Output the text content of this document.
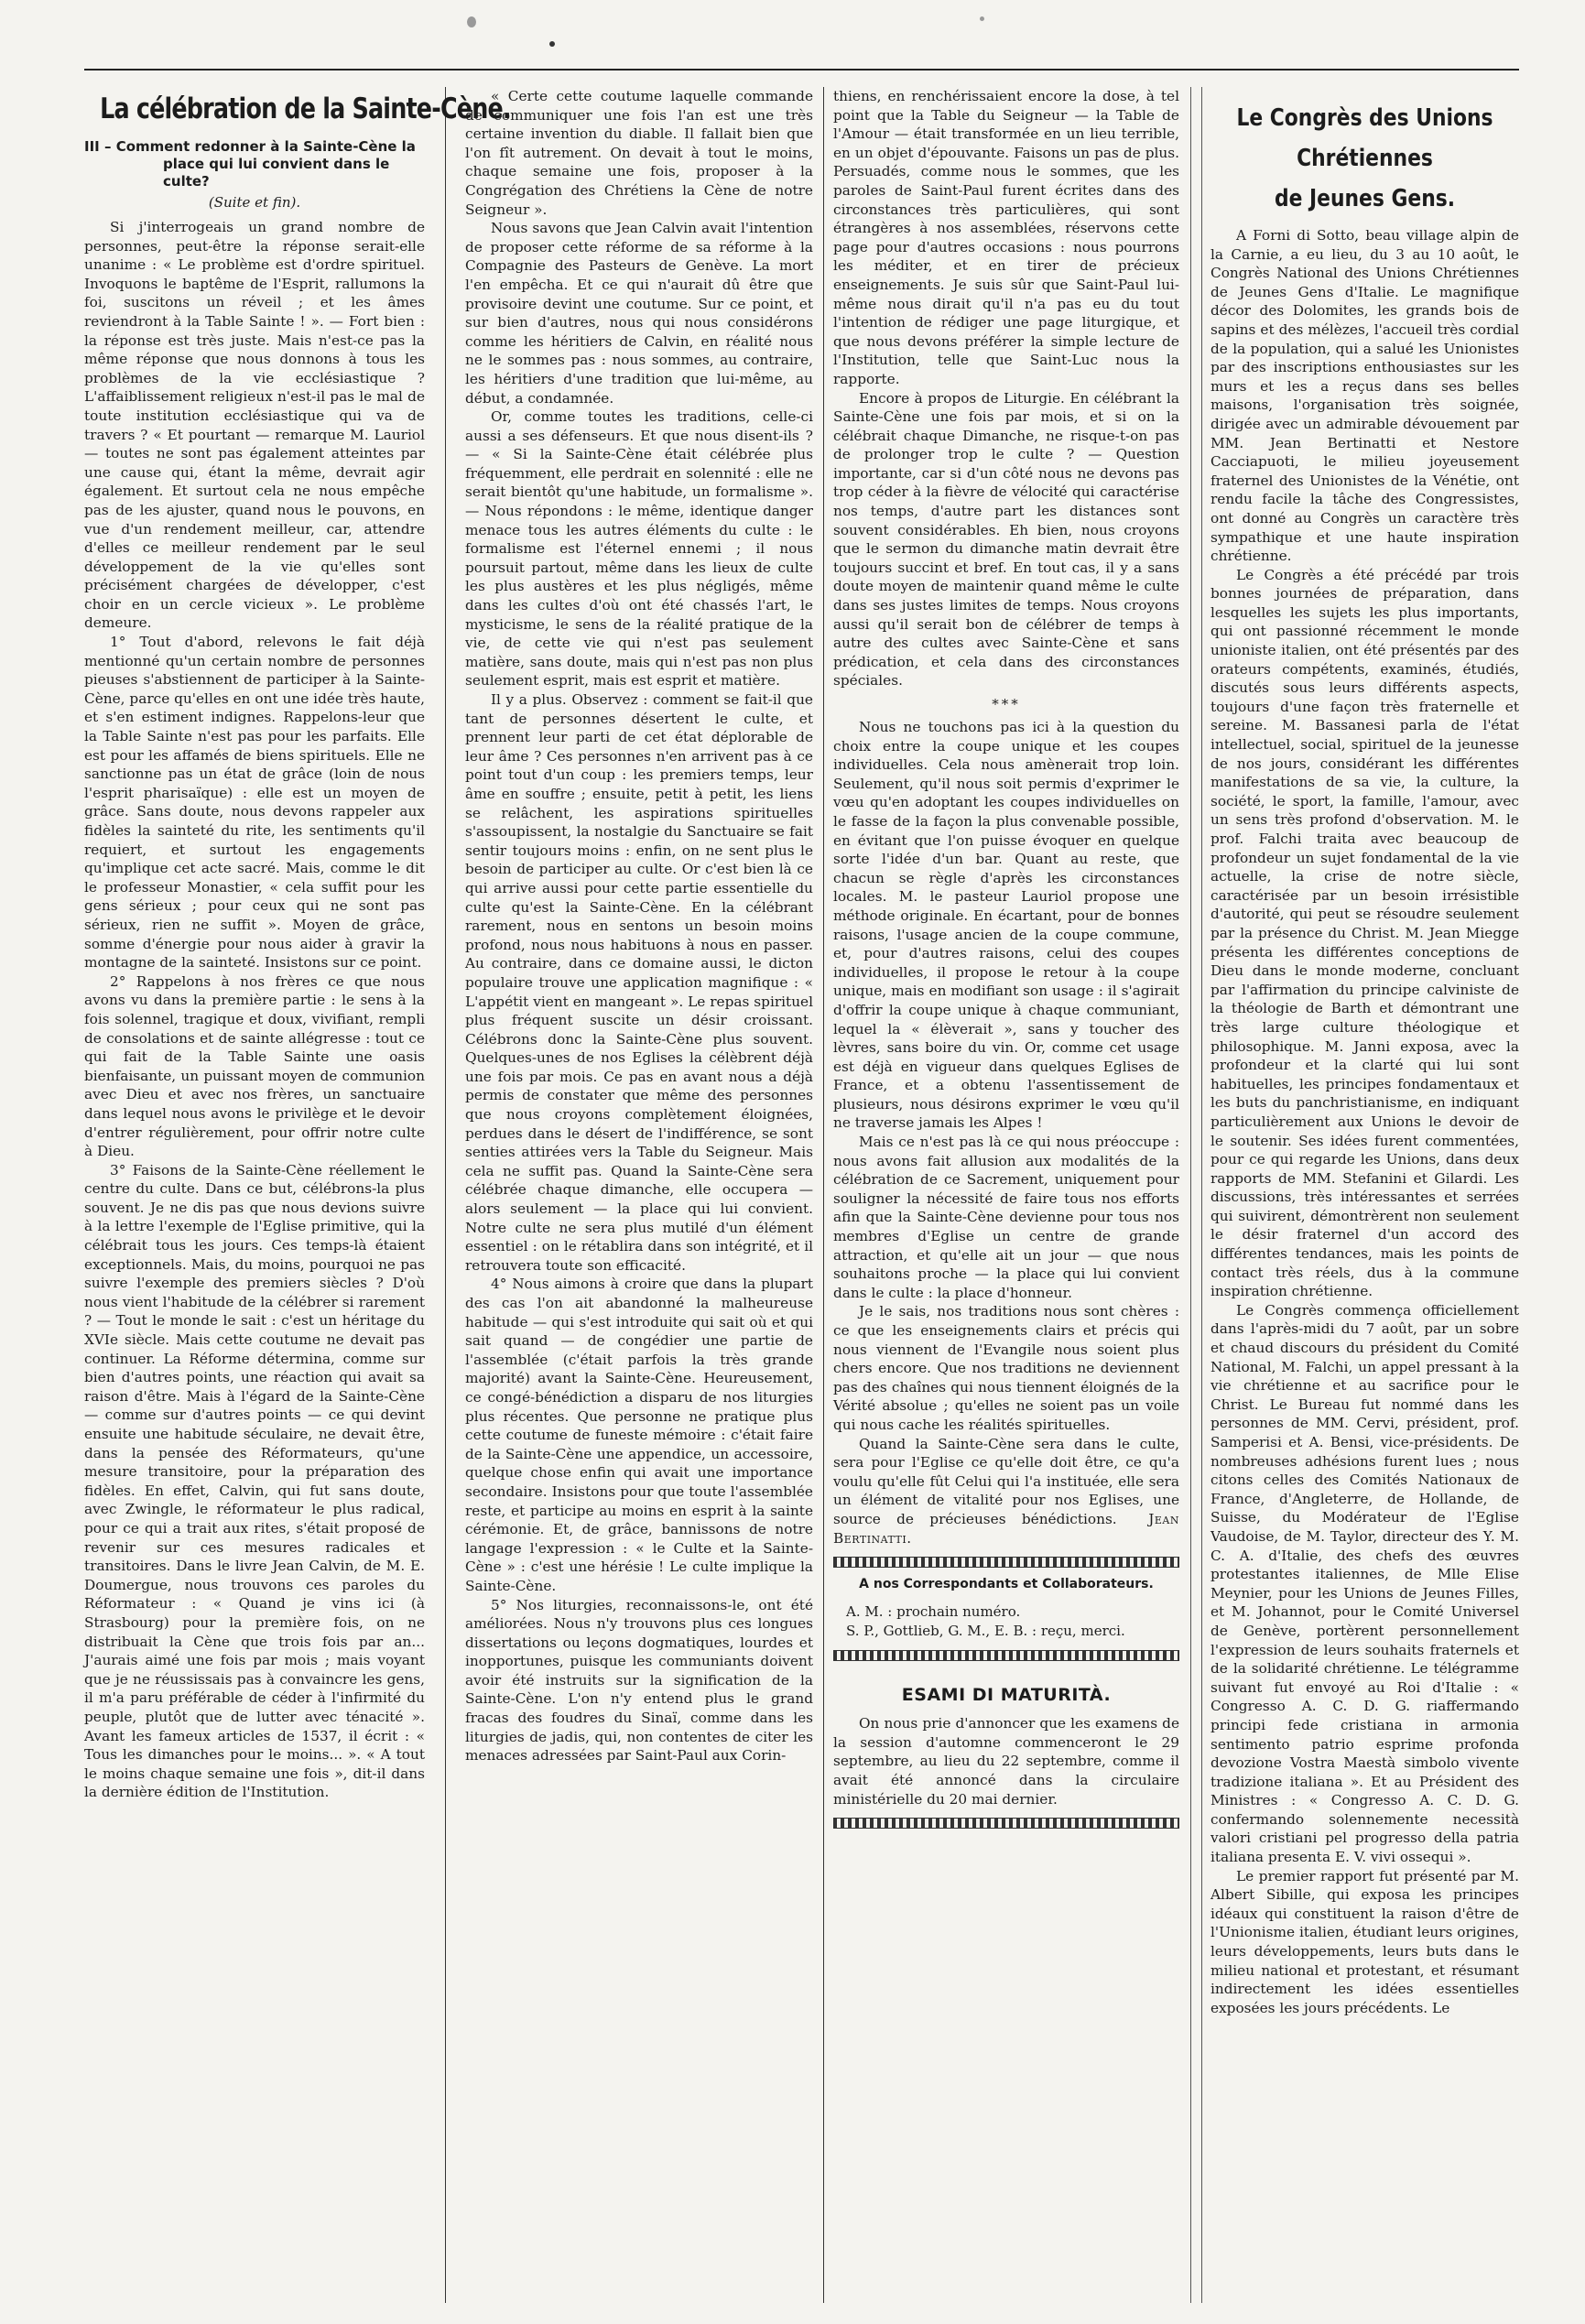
La célébration de la Sainte-Cène.
III – Comment redonner à la Sainte-Cène la place qui lui convient dans le culte?
(Suite et fin).

Si j'interrogeais un grand nombre de personnes, peut-être la réponse serait-elle unanime : « Le problème est d'ordre spirituel. Invoquons le baptême de l'Esprit, rallumons la foi, suscitons un réveil ; et les âmes reviendront à la Table Sainte ! ». — Fort bien : la réponse est très juste. Mais n'est-ce pas la même réponse que nous donnons à tous les problèmes de la vie ecclésiastique ? L'affaiblissement religieux n'est-il pas le mal de toute institution ecclésiastique qui va de travers ? « Et pourtant — remarque M. Lauriol — toutes ne sont pas également atteintes par une cause qui, étant la même, devrait agir également. Et surtout cela ne nous empêche pas de les ajuster, quand nous le pouvons, en vue d'un rendement meilleur, car, attendre d'elles ce meilleur rendement par le seul développement de la vie qu'elles sont précisément chargées de développer, c'est choir en un cercle vicieux ». Le problème demeure.

1° Tout d'abord, relevons le fait déjà mentionné qu'un certain nombre de personnes pieuses s'abstiennent de participer à la Sainte-Cène, parce qu'elles en ont une idée très haute, et s'en estiment indignes. Rappelons-leur que la Table Sainte n'est pas pour les parfaits. Elle est pour les affamés de biens spirituels. Elle ne sanctionne pas un état de grâce (loin de nous l'esprit pharisaïque) : elle est un moyen de grâce. Sans doute, nous devons rappeler aux fidèles la sainteté du rite, les sentiments qu'il requiert, et surtout les engagements qu'implique cet acte sacré. Mais, comme le dit le professeur Monastier, « cela suffit pour les gens sérieux ; pour ceux qui ne sont pas sérieux, rien ne suffit ». Moyen de grâce, somme d'énergie pour nous aider à gravir la montagne de la sainteté. Insistons sur ce point.

2° Rappelons à nos frères ce que nous avons vu dans la première partie : le sens à la fois solennel, tragique et doux, vivifiant, rempli de consolations et de sainte allégresse : tout ce qui fait de la Table Sainte une oasis bienfaisante, un puissant moyen de communion avec Dieu et avec nos frères, un sanctuaire dans lequel nous avons le privilège et le devoir d'entrer régulièrement, pour offrir notre culte à Dieu.

3° Faisons de la Sainte-Cène réellement le centre du culte. Dans ce but, célébrons-la plus souvent. Je ne dis pas que nous devions suivre à la lettre l'exemple de l'Eglise primitive, qui la célébrait tous les jours. Ces temps-là étaient exceptionnels. Mais, du moins, pourquoi ne pas suivre l'exemple des premiers siècles ? D'où nous vient l'habitude de la célébrer si rarement ? — Tout le monde le sait : c'est un héritage du XVIe siècle. Mais cette coutume ne devait pas continuer. La Réforme détermina, comme sur bien d'autres points, une réaction qui avait sa raison d'être. Mais à l'égard de la Sainte-Cène — comme sur d'autres points — ce qui devint ensuite une habitude séculaire, ne devait être, dans la pensée des Réformateurs, qu'une mesure transitoire, pour la préparation des fidèles. En effet, Calvin, qui fut sans doute, avec Zwingle, le réformateur le plus radical, pour ce qui a trait aux rites, s'était proposé de revenir sur ces mesures radicales et transitoires. Dans le livre Jean Calvin, de M. E. Doumergue, nous trouvons ces paroles du Réformateur : « Quand je vins ici (à Strasbourg) pour la première fois, on ne distribuait la Cène que trois fois par an... J'aurais aimé une fois par mois ; mais voyant que je ne réussissais pas à convaincre les gens, il m'a paru préférable de céder à l'infirmité du peuple, plutôt que de lutter avec ténacité ». Avant les fameux articles de 1537, il écrit : « Tous les dimanches pour le moins... ». « A tout le moins chaque semaine une fois », dit-il dans la dernière édition de l'Institution.

« Certe cette coutume laquelle commande de communiquer une fois l'an est une très certaine invention du diable. Il fallait bien que l'on fît autrement. On devait à tout le moins, chaque semaine une fois, proposer à la Congrégation des Chrétiens la Cène de notre Seigneur ».

Nous savons que Jean Calvin avait l'intention de proposer cette réforme de sa réforme à la Compagnie des Pasteurs de Genève. La mort l'en empêcha. Et ce qui n'aurait dû être que provisoire devint une coutume. Sur ce point, et sur bien d'autres, nous qui nous considérons comme les héritiers de Calvin, en réalité nous ne le sommes pas : nous sommes, au contraire, les héritiers d'une tradition que lui-même, au début, a condamnée.

Or, comme toutes les traditions, celle-ci aussi a ses défenseurs. Et que nous disent-ils ? — « Si la Sainte-Cène était célébrée plus fréquemment, elle perdrait en solennité : elle ne serait bientôt qu'une habitude, un formalisme ». — Nous répondons : le même, identique danger menace tous les autres éléments du culte : le formalisme est l'éternel ennemi ; il nous poursuit partout, même dans les lieux de culte les plus austères et les plus négligés, même dans les cultes d'où ont été chassés l'art, le mysticisme, le sens de la réalité pratique de la vie, de cette vie qui n'est pas seulement matière, sans doute, mais qui n'est pas non plus seulement esprit, mais est esprit et matière.

Il y a plus. Observez : comment se fait-il que tant de personnes désertent le culte, et prennent leur parti de cet état déplorable de leur âme ? Ces personnes n'en arrivent pas à ce point tout d'un coup : les premiers temps, leur âme en souffre ; ensuite, petit à petit, les liens se relâchent, les aspirations spirituelles s'assoupissent, la nostalgie du Sanctuaire se fait sentir toujours moins : enfin, on ne sent plus le besoin de participer au culte. Or c'est bien là ce qui arrive aussi pour cette partie essentielle du culte qu'est la Sainte-Cène. En la célébrant rarement, nous en sentons un besoin moins profond, nous nous habituons à nous en passer. Au contraire, dans ce domaine aussi, le dicton populaire trouve une application magnifique : « L'appétit vient en mangeant ». Le repas spirituel plus fréquent suscite un désir croissant. Célébrons donc la Sainte-Cène plus souvent. Quelques-unes de nos Eglises la célèbrent déjà une fois par mois. Ce pas en avant nous a déjà permis de constater que même des personnes que nous croyons complètement éloignées, perdues dans le désert de l'indifférence, se sont senties attirées vers la Table du Seigneur. Mais cela ne suffit pas. Quand la Sainte-Cène sera célébrée chaque dimanche, elle occupera — alors seulement — la place qui lui convient. Notre culte ne sera plus mutilé d'un élément essentiel : on le rétablira dans son intégrité, et il retrouvera toute son efficacité.

4° Nous aimons à croire que dans la plupart des cas l'on ait abandonné la malheureuse habitude — qui s'est introduite qui sait où et qui sait quand — de congédier une partie de l'assemblée (c'était parfois la très grande majorité) avant la Sainte-Cène. Heureusement, ce congé-bénédiction a disparu de nos liturgies plus récentes. Que personne ne pratique plus cette coutume de funeste mémoire : c'était faire de la Sainte-Cène une appendice, un accessoire, quelque chose enfin qui avait une importance secondaire. Insistons pour que toute l'assemblée reste, et participe au moins en esprit à la sainte cérémonie. Et, de grâce, bannissons de notre langage l'expression : « le Culte et la Sainte-Cène » : c'est une hérésie ! Le culte implique la Sainte-Cène.

5° Nos liturgies, reconnaissons-le, ont été améliorées. Nous n'y trouvons plus ces longues dissertations ou leçons dogmatiques, lourdes et inopportunes, puisque les communiants doivent avoir été instruits sur la signification de la Sainte-Cène. L'on n'y entend plus le grand fracas des foudres du Sinaï, comme dans les liturgies de jadis, qui, non contentes de citer les menaces adressées par Saint-Paul aux Corin-

thiens, en renchérissaient encore la dose, à tel point que la Table du Seigneur — la Table de l'Amour — était transformée en un lieu terrible, en un objet d'épouvante. Faisons un pas de plus. Persuadés, comme nous le sommes, que les paroles de Saint-Paul furent écrites dans des circonstances très particulières, qui sont étrangères à nos assemblées, réservons cette page pour d'autres occasions : nous pourrons les méditer, et en tirer de précieux enseignements. Je suis sûr que Saint-Paul lui-même nous dirait qu'il n'a pas eu du tout l'intention de rédiger une page liturgique, et que nous devons préférer la simple lecture de l'Institution, telle que Saint-Luc nous la rapporte.

Encore à propos de Liturgie. En célébrant la Sainte-Cène une fois par mois, et si on la célébrait chaque Dimanche, ne risque-t-on pas de prolonger trop le culte ? — Question importante, car si d'un côté nous ne devons pas trop céder à la fièvre de vélocité qui caractérise nos temps, d'autre part les distances sont souvent considérables. Eh bien, nous croyons que le sermon du dimanche matin devrait être toujours succint et bref. En tout cas, il y a sans doute moyen de maintenir quand même le culte dans ses justes limites de temps. Nous croyons aussi qu'il serait bon de célébrer de temps à autre des cultes avec Sainte-Cène et sans prédication, et cela dans des circonstances spéciales.

***

Nous ne touchons pas ici à la question du choix entre la coupe unique et les coupes individuelles. Cela nous amènerait trop loin. Seulement, qu'il nous soit permis d'exprimer le vœu qu'en adoptant les coupes individuelles on le fasse de la façon la plus convenable possible, en évitant que l'on puisse évoquer en quelque sorte l'idée d'un bar. Quant au reste, que chacun se règle d'après les circonstances locales. M. le pasteur Lauriol propose une méthode originale. En écartant, pour de bonnes raisons, l'usage ancien de la coupe commune, et, pour d'autres raisons, celui des coupes individuelles, il propose le retour à la coupe unique, mais en modifiant son usage : il s'agirait d'offrir la coupe unique à chaque communiant, lequel la « élèverait », sans y toucher des lèvres, sans boire du vin. Or, comme cet usage est déjà en vigueur dans quelques Eglises de France, et a obtenu l'assentissement de plusieurs, nous désirons exprimer le vœu qu'il ne traverse jamais les Alpes !

Mais ce n'est pas là ce qui nous préoccupe : nous avons fait allusion aux modalités de la célébration de ce Sacrement, uniquement pour souligner la nécessité de faire tous nos efforts afin que la Sainte-Cène devienne pour tous nos membres d'Eglise un centre de grande attraction, et qu'elle ait un jour — que nous souhaitons proche — la place qui lui convient dans le culte : la place d'honneur.

Je le sais, nos traditions nous sont chères : ce que les enseignements clairs et précis qui nous viennent de l'Evangile nous soient plus chers encore. Que nos traditions ne deviennent pas des chaînes qui nous tiennent éloignés de la Vérité absolue ; qu'elles ne soient pas un voile qui nous cache les réalités spirituelles.

Quand la Sainte-Cène sera dans le culte, sera pour l'Eglise ce qu'elle doit être, ce qu'a voulu qu'elle fût Celui qui l'a instituée, elle sera un élément de vitalité pour nos Eglises, une source de précieuses bénédictions. Jean Bertinatti.

A nos Correspondants et Collaborateurs.

A. M. : prochain numéro.

S. P., Gottlieb, G. M., E. B. : reçu, merci.

ESAMI DI MATURITÀ.

On nous prie d'annoncer que les examens de la session d'automne commenceront le 29 septembre, au lieu du 22 septembre, comme il avait été annoncé dans la circulaire ministérielle du 20 mai dernier.

Le Congrès des Unions Chrétiennes
de Jeunes Gens.

A Forni di Sotto, beau village alpin de la Carnie, a eu lieu, du 3 au 10 août, le Congrès National des Unions Chrétiennes de Jeunes Gens d'Italie. Le magnifique décor des Dolomites, les grands bois de sapins et des mélèzes, l'accueil très cordial de la population, qui a salué les Unionistes par des inscriptions enthousiastes sur les murs et les a reçus dans ses belles maisons, l'organisation très soignée, dirigée avec un admirable dévouement par MM. Jean Bertinatti et Nestore Cacciapuoti, le milieu joyeusement fraternel des Unionistes de la Vénétie, ont rendu facile la tâche des Congressistes, ont donné au Congrès un caractère très sympathique et une haute inspiration chrétienne.

Le Congrès a été précédé par trois bonnes journées de préparation, dans lesquelles les sujets les plus importants, qui ont passionné récemment le monde unioniste italien, ont été présentés par des orateurs compétents, examinés, étudiés, discutés sous leurs différents aspects, toujours d'une façon très fraternelle et sereine. M. Bassanesi parla de l'état intellectuel, social, spirituel de la jeunesse de nos jours, considérant les différentes manifestations de sa vie, la culture, la société, le sport, la famille, l'amour, avec un sens très profond d'observation. M. le prof. Falchi traita avec beaucoup de profondeur un sujet fondamental de la vie actuelle, la crise de notre siècle, caractérisée par un besoin irrésistible d'autorité, qui peut se résoudre seulement par la présence du Christ. M. Jean Miegge présenta les différentes conceptions de Dieu dans le monde moderne, concluant par l'affirmation du principe calviniste de la théologie de Barth et démontrant une très large culture théologique et philosophique. M. Janni exposa, avec la profondeur et la clarté qui lui sont habituelles, les principes fondamentaux et les buts du panchristianisme, en indiquant particulièrement aux Unions le devoir de le soutenir. Ses idées furent commentées, pour ce qui regarde les Unions, dans deux rapports de MM. Stefanini et Gilardi. Les discussions, très intéressantes et serrées qui suivirent, démontrèrent non seulement le désir fraternel d'un accord des différentes tendances, mais les points de contact très réels, dus à la commune inspiration chrétienne.

Le Congrès commença officiellement dans l'après-midi du 7 août, par un sobre et chaud discours du président du Comité National, M. Falchi, un appel pressant à la vie chrétienne et au sacrifice pour le Christ. Le Bureau fut nommé dans les personnes de MM. Cervi, président, prof. Samperisi et A. Bensi, vice-présidents. De nombreuses adhésions furent lues ; nous citons celles des Comités Nationaux de France, d'Angleterre, de Hollande, de Suisse, du Modérateur de l'Eglise Vaudoise, de M. Taylor, directeur des Y. M. C. A. d'Italie, des chefs des œuvres protestantes italiennes, de Mlle Elise Meynier, pour les Unions de Jeunes Filles, et M. Johannot, pour le Comité Universel de Genève, portèrent personnellement l'expression de leurs souhaits fraternels et de la solidarité chrétienne. Le télégramme suivant fut envoyé au Roi d'Italie : « Congresso A. C. D. G. riaffermando principi fede cristiana in armonia sentimento patrio esprime profonda devozione Vostra Maestà simbolo vivente tradizione italiana ». Et au Président des Ministres : « Congresso A. C. D. G. confermando solennemente necessità valori cristiani pel progresso della patria italiana presenta E. V. vivi ossequi ».

Le premier rapport fut présenté par M. Albert Sibille, qui exposa les principes idéaux qui constituent la raison d'être de l'Unionisme italien, étudiant leurs origines, leurs développements, leurs buts dans le milieu national et protestant, et résumant indirectement les idées essentielles exposées les jours précédents. Le
